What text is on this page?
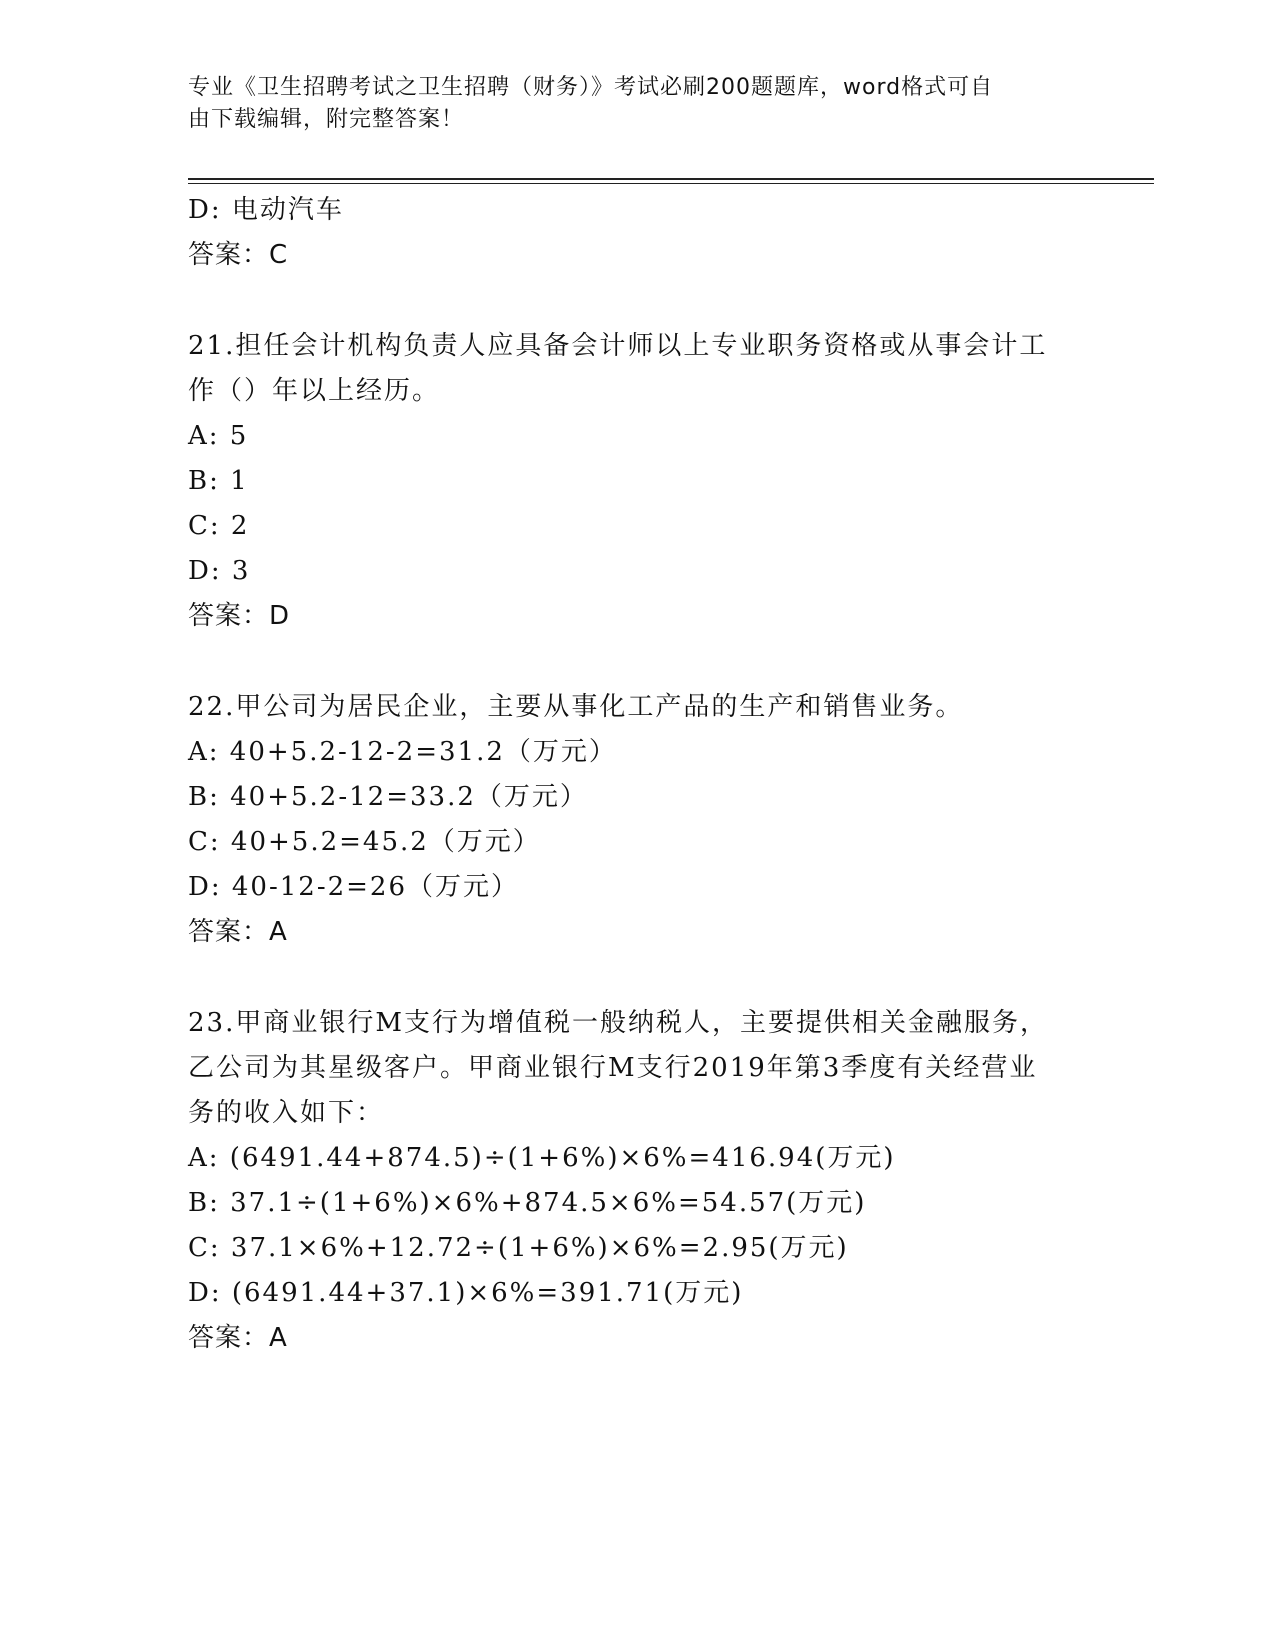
专业《卫生招聘考试之卫生招聘（财务）》考试必刷200题题库，word格式可自
由下载编辑，附完整答案！
D: 电动汽车
答案：C
21.担任会计机构负责人应具备会计师以上专业职务资格或从事会计工
作（）年以上经历。
A: 5
B: 1
C: 2
D: 3
答案：D
22.甲公司为居民企业，主要从事化工产品的生产和销售业务。
A: 40+5.2-12-2=31.2（万元）
B: 40+5.2-12=33.2（万元）
C: 40+5.2=45.2（万元）
D: 40-12-2=26（万元）
答案：A
23.甲商业银行M支行为增值税一般纳税人，主要提供相关金融服务，
乙公司为其星级客户。甲商业银行M支行2019年第3季度有关经营业
务的收入如下：
A: (6491.44+874.5)÷(1+6%)×6%=416.94(万元)
B: 37.1÷(1+6%)×6%+874.5×6%=54.57(万元)
C: 37.1×6%+12.72÷(1+6%)×6%=2.95(万元)
D: (6491.44+37.1)×6%=391.71(万元)
答案：A
